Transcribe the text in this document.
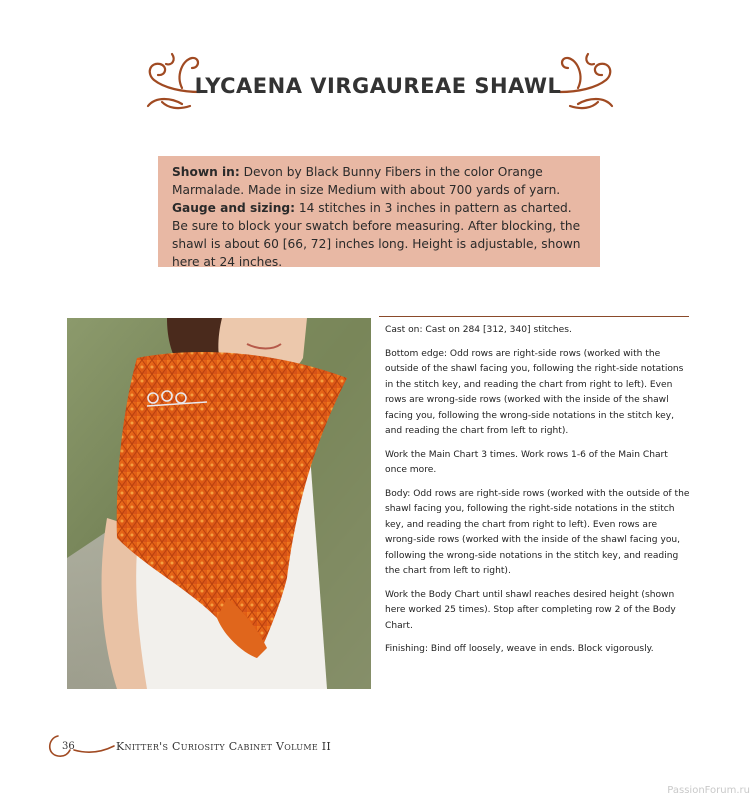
LYCAENA VIRGAUREAE SHAWL

Shown in: Devon by Black Bunny Fibers in the color Orange Marmalade. Made in size Medium with about 700 yards of yarn.

Gauge and sizing: 14 stitches in 3 inches in pattern as charted. Be sure to block your swatch before measuring. After blocking, the shawl is about 60 [66, 72] inches long. Height is adjustable, shown here at 24 inches.

Cast on: Cast on 284 [312, 340] stitches.

Bottom edge: Odd rows are right-side rows (worked with the outside of the shawl facing you, following the right-side notations in the stitch key, and reading the chart from right to left). Even rows are wrong-side rows (worked with the inside of the shawl facing you, following the wrong-side notations in the stitch key, and reading the chart from left to right).

Work the Main Chart 3 times. Work rows 1-6 of the Main Chart once more.

Body: Odd rows are right-side rows (worked with the outside of the shawl facing you, following the right-side notations in the stitch key, and reading the chart from right to left). Even rows are wrong-side rows (worked with the inside of the shawl facing you, following the wrong-side notations in the stitch key, and reading the chart from left to right).

Work the Body Chart until shawl reaches desired height (shown here worked 25 times). Stop after completing row 2 of the Body Chart.

Finishing: Bind off loosely, weave in ends. Block vigorously.

36	Knitter's Curiosity Cabinet Volume II
PassionForum.ru
